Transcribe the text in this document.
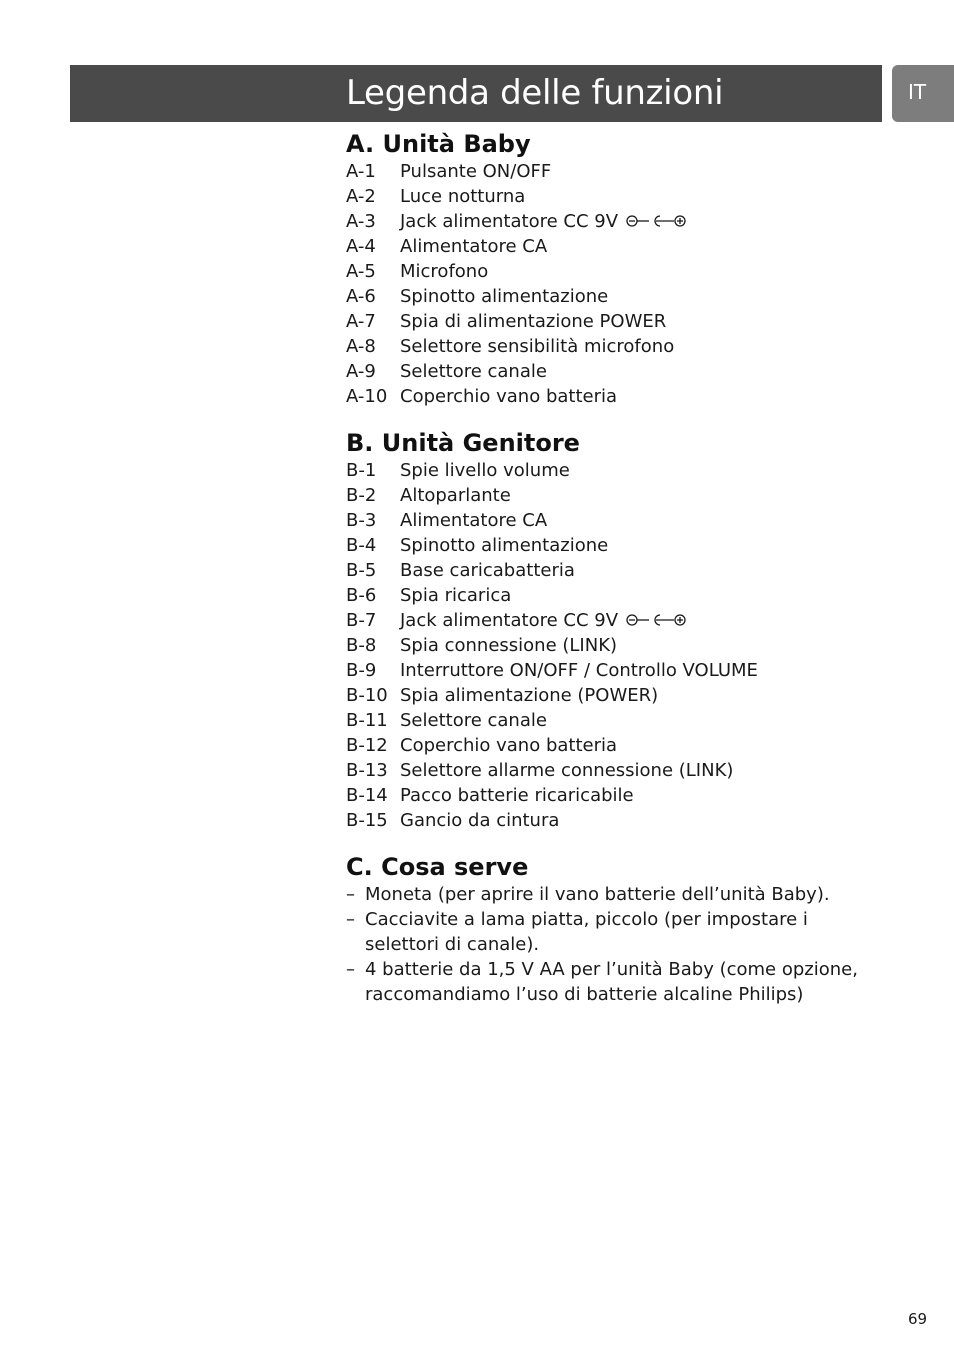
Legenda delle funzioni	IT
A. Unità Baby
A-1 Pulsante ON/OFF
A-2 Luce notturna
A-3 Jack alimentatore CC 9V
A-4 Alimentatore CA
A-5 Microfono
A-6 Spinotto alimentazione
A-7 Spia di alimentazione POWER
A-8 Selettore sensibilità microfono
A-9 Selettore canale
A-10 Coperchio vano batteria
B. Unità Genitore
B-1 Spie livello volume
B-2 Altoparlante
B-3 Alimentatore CA
B-4 Spinotto alimentazione
B-5 Base caricabatteria
B-6 Spia ricarica
B-7 Jack alimentatore CC 9V
B-8 Spia connessione (LINK)
B-9 Interruttore ON/OFF / Controllo VOLUME
B-10 Spia alimentazione (POWER)
B-11 Selettore canale
B-12 Coperchio vano batteria
B-13 Selettore allarme connessione (LINK)
B-14 Pacco batterie ricaricabile
B-15 Gancio da cintura
C. Cosa serve
– Moneta (per aprire il vano batterie dell’unità Baby).
– Cacciavite a lama piatta, piccolo (per impostare i selettori di canale).
– 4 batterie da 1,5 V AA per l’unità Baby (come opzione, raccomandiamo l’uso di batterie alcaline Philips)
69
